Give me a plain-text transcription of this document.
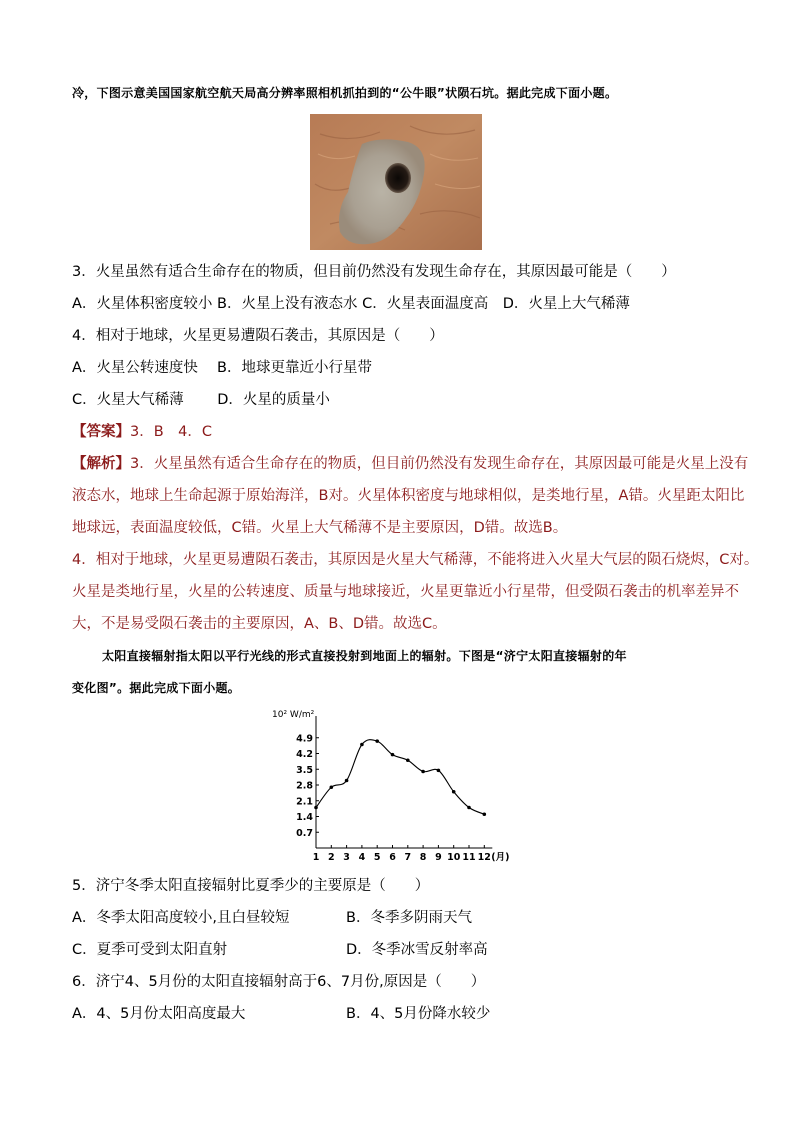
冷，下图示意美国国家航空航天局高分辨率照相机抓拍到的“公牛眼”状陨石坑。据此完成下面小题。
3．火星虽然有适合生命存在的物质，但目前仍然没有发现生命存在，其原因最可能是（　　）
A．火星体积密度较小 B．火星上没有液态水 C．火星表面温度高　D．火星上大气稀薄
4．相对于地球，火星更易遭陨石袭击，其原因是（　　）
A．火星公转速度快　 B．地球更靠近小行星带
C．火星大气稀薄　　 D．火星的质量小
【答案】3．B　4．C
【解析】3．火星虽然有适合生命存在的物质，但目前仍然没有发现生命存在，其原因最可能是火星上没有
液态水，地球上生命起源于原始海洋，B对。火星体积密度与地球相似，是类地行星，A错。火星距太阳比
地球远，表面温度较低，C错。火星上大气稀薄不是主要原因，D错。故选B。
4．相对于地球，火星更易遭陨石袭击，其原因是火星大气稀薄，不能将进入火星大气层的陨石烧烬，C对。
火星是类地行星，火星的公转速度、质量与地球接近，火星更靠近小行星带，但受陨石袭击的机率差异不
大，不是易受陨石袭击的主要原因，A、B、D错。故选C。
太阳直接辐射指太阳以平行光线的形式直接投射到地面上的辐射。下图是“济宁太阳直接辐射的年
变化图”。据此完成下面小题。
0.7
1.4
2.1
2.8
3.5
4.2
4.9
1 2 3 4 5 6 7 8 9 10 11 12
10² W/m²
(月)
5．济宁冬季太阳直接辐射比夏季少的主要原是（　　）
A．冬季太阳高度较小,且白昼较短	B．冬季多阴雨天气
C．夏季可受到太阳直射	D．冬季冰雪反射率高
6．济宁4、5月份的太阳直接辐射高于6、7月份,原因是（　　）
A．4、5月份太阳高度最大	B．4、5月份降水较少
